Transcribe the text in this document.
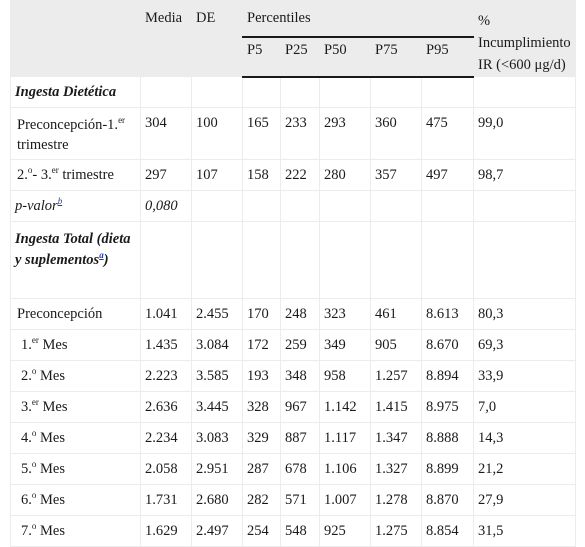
	Media	DE	Percentiles					% Incumplimiento IR (<600 μg/d)
			P5	P25	P50	P75	P95	
Ingesta Dietética								
Preconcepción-1.$^{er}$
trimestre	304	100	165	233	293	360	475	99,0
2.$^o$- 3.$^{er}$ trimestre	297	107	158	222	280	357	497	98,7
p-valor$^b$	0,080							
Ingesta Total (dieta y suplementos$^a$)								
Preconcepción	1.041	2.455	170	248	323	461	8.613	80,3
1.$^{er}$ Mes	1.435	3.084	172	259	349	905	8.670	69,3
2.$^o$ Mes	2.223	3.585	193	348	958	1.257	8.894	33,9
3.$^{er}$ Mes	2.636	3.445	328	967	1.142	1.415	8.975	7,0
4.$^o$ Mes	2.234	3.083	329	887	1.117	1.347	8.888	14,3
5.$^o$ Mes	2.058	2.951	287	678	1.106	1.327	8.899	21,2
6.$^o$ Mes	1.731	2.680	282	571	1.007	1.278	8.870	27,9
7.$^o$ Mes	1.629	2.497	254	548	925	1.275	8.854	31,5
